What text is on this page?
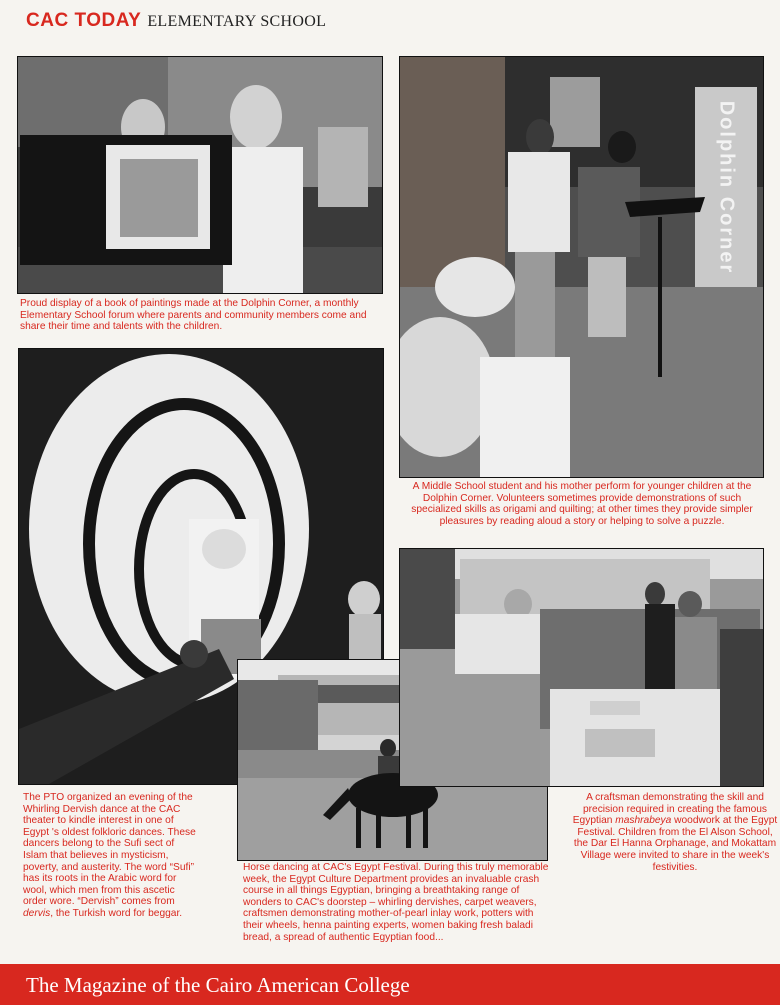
CAC TODAY ELEMENTARY SCHOOL
Dolphin Corner
Proud display of a book of paintings made at the Dolphin Corner, a monthly Elementary School forum where parents and community members come and share their time and talents with the children.
A Middle School student and his mother perform for younger children at the Dolphin Corner. Volunteers sometimes provide demonstrations of such specialized skills as origami and quilting; at other times they provide simpler pleasures by reading aloud a story or helping to solve a puzzle.
The PTO organized an evening of the Whirling Dervish dance at the CAC theater to kindle interest in one of Egypt 's oldest folkloric dances. These dancers belong to the Sufi sect of Islam that believes in mysticism, poverty, and austerity. The word “Sufi” has its roots in the Arabic word for wool, which men from this ascetic order wore. “Dervish” comes from dervis, the Turkish word for beggar.
Horse dancing at CAC's Egypt Festival. During this truly memorable week, the Egypt Culture Department provides an invaluable crash course in all things Egyptian, bringing a breathtaking range of wonders to CAC's doorstep – whirling dervishes, carpet weavers, craftsmen demonstrating mother-of-pearl inlay work, potters with their wheels, henna painting experts, women baking fresh baladi bread, a spread of authentic Egyptian food...
A craftsman demonstrating the skill and precision required in creating the famous Egyptian mashrabeya woodwork at the Egypt Festival. Children from the El Alson School, the Dar El Hanna Orphanage, and Mokattam Village were invited to share in the week's festivities.
The Magazine of the Cairo American College
